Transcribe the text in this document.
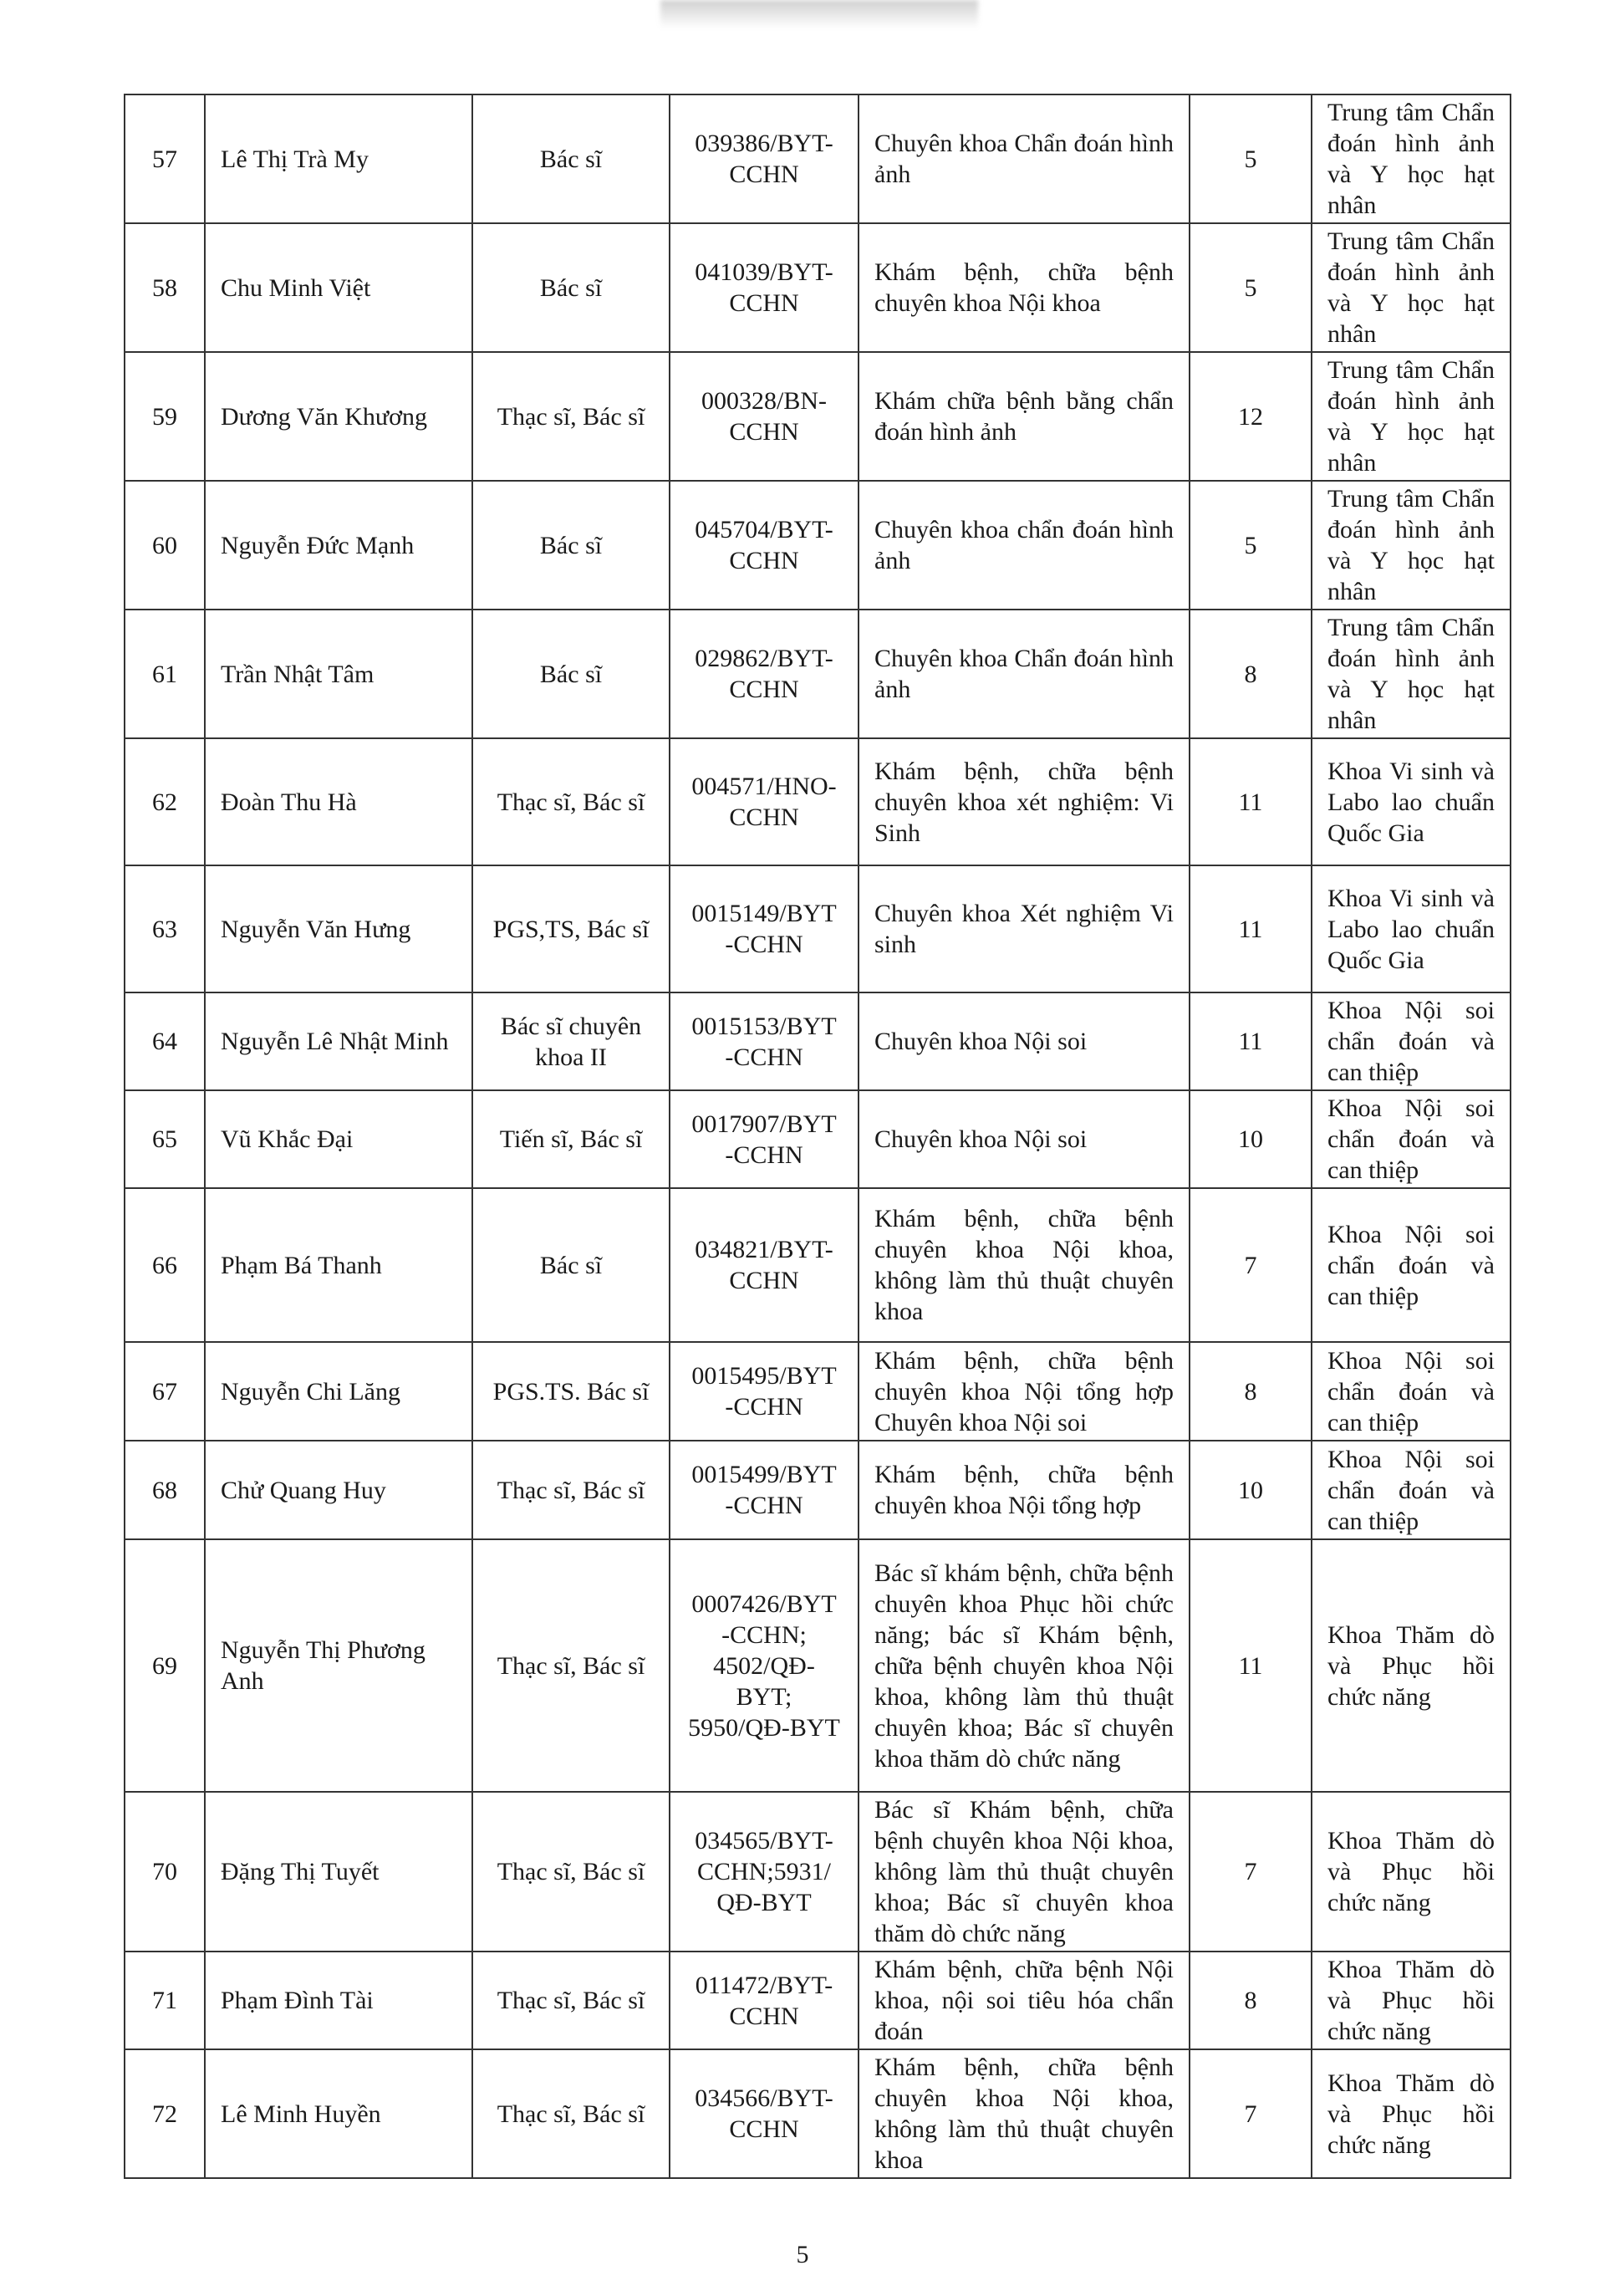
57	Lê Thị Trà My	Bác sĩ	039386/BYT-CCHN	Chuyên khoa Chẩn đoán hình ảnh	5	Trung tâm Chẩn đoán hình ảnh và Y học hạt nhân
58	Chu Minh Việt	Bác sĩ	041039/BYT-CCHN	Khám bệnh, chữa bệnh chuyên khoa Nội khoa	5	Trung tâm Chẩn đoán hình ảnh và Y học hạt nhân
59	Dương Văn Khương	Thạc sĩ, Bác sĩ	000328/BN-CCHN	Khám chữa bệnh bằng chẩn đoán hình ảnh	12	Trung tâm Chẩn đoán hình ảnh và Y học hạt nhân
60	Nguyễn Đức Mạnh	Bác sĩ	045704/BYT-CCHN	Chuyên khoa chẩn đoán hình ảnh	5	Trung tâm Chẩn đoán hình ảnh và Y học hạt nhân
61	Trần Nhật Tâm	Bác sĩ	029862/BYT-CCHN	Chuyên khoa Chẩn đoán hình ảnh	8	Trung tâm Chẩn đoán hình ảnh và Y học hạt nhân
62	Đoàn Thu Hà	Thạc sĩ, Bác sĩ	004571/HNO-CCHN	Khám bệnh, chữa bệnh chuyên khoa xét nghiệm: Vi Sinh	11	Khoa Vi sinh và Labo lao chuẩn Quốc Gia
63	Nguyễn Văn Hưng	PGS,TS, Bác sĩ	0015149/BYT -CCHN	Chuyên khoa Xét nghiệm Vi sinh	11	Khoa Vi sinh và Labo lao chuẩn Quốc Gia
64	Nguyễn Lê Nhật Minh	Bác sĩ chuyên khoa II	0015153/BYT -CCHN	Chuyên khoa Nội soi	11	Khoa Nội soi chẩn đoán và can thiệp
65	Vũ Khắc Đại	Tiến sĩ, Bác sĩ	0017907/BYT -CCHN	Chuyên khoa Nội soi	10	Khoa Nội soi chẩn đoán và can thiệp
66	Phạm Bá Thanh	Bác sĩ	034821/BYT-CCHN	Khám bệnh, chữa bệnh chuyên khoa Nội khoa, không làm thủ thuật chuyên khoa	7	Khoa Nội soi chẩn đoán và can thiệp
67	Nguyễn Chi Lăng	PGS.TS. Bác sĩ	0015495/BYT -CCHN	Khám bệnh, chữa bệnh chuyên khoa Nội tổng hợp Chuyên khoa Nội soi	8	Khoa Nội soi chẩn đoán và can thiệp
68	Chử Quang Huy	Thạc sĩ, Bác sĩ	0015499/BYT -CCHN	Khám bệnh, chữa bệnh chuyên khoa Nội tổng hợp	10	Khoa Nội soi chẩn đoán và can thiệp
69	Nguyễn Thị Phương Anh	Thạc sĩ, Bác sĩ	0007426/BYT -CCHN; 4502/QĐ-BYT; 5950/QĐ-BYT	Bác sĩ khám bệnh, chữa bệnh chuyên khoa Phục hồi chức năng; bác sĩ Khám bệnh, chữa bệnh chuyên khoa Nội khoa, không làm thủ thuật chuyên khoa; Bác sĩ chuyên khoa thăm dò chức năng	11	Khoa Thăm dò và Phục hồi chức năng
70	Đặng Thị Tuyết	Thạc sĩ, Bác sĩ	034565/BYT-CCHN;5931/ QĐ-BYT	Bác sĩ Khám bệnh, chữa bệnh chuyên khoa Nội khoa, không làm thủ thuật chuyên khoa; Bác sĩ chuyên khoa thăm dò chức năng	7	Khoa Thăm dò và Phục hồi chức năng
71	Phạm Đình Tài	Thạc sĩ, Bác sĩ	011472/BYT-CCHN	Khám bệnh, chữa bệnh Nội khoa, nội soi tiêu hóa chẩn đoán	8	Khoa Thăm dò và Phục hồi chức năng
72	Lê Minh Huyền	Thạc sĩ, Bác sĩ	034566/BYT-CCHN	Khám bệnh, chữa bệnh chuyên khoa Nội khoa, không làm thủ thuật chuyên khoa	7	Khoa Thăm dò và Phục hồi chức năng
5
